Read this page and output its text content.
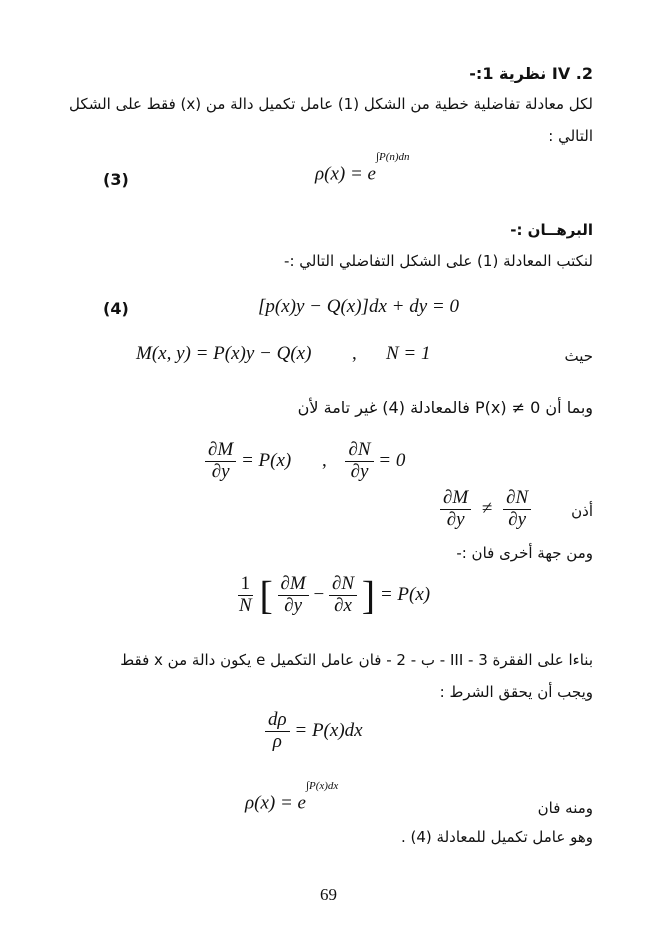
IV .2 نظرية 1:-
لكل معادلة تفاضلية خطية من الشكل (1) عامل تكميل دالة من (x) فقط على الشكل
التالي :
$\rho(x) = e^{\int P(n)dn}$
(3)
البرهــان :-
لنكتب المعادلة (1) على الشكل التفاضلي التالي :-
[p(x)y − Q(x)]dx + dy = 0
(4)
M(x, y) = P(x)y − Q(x) , N = 1	حيث
وبما أن P(x) ≠ 0 فالمعادلة (4) غير تامة لأن
$\frac{\partial M}{\partial y} = P(x)$ , $\frac{\partial N}{\partial y} = 0$
$\frac{\partial M}{\partial y} \ne \frac{\partial N}{\partial y}$	أذن
ومن جهة أخرى فان :-
$\frac{1}{N}$ [ $\frac{\partial M}{\partial y} - \frac{\partial N}{\partial x}$ ] = P(x)
بناءا على الفقرة III - 3 - ب - 2 - فان عامل التكميل e يكون دالة من x فقط
ويجب أن يحقق الشرط :
$\frac{d\rho}{\rho} = P(x)dx$
$\rho(x) = e^{\int P(x)dx}$
ومنه فان
وهو عامل تكميل للمعادلة (4) .
69
